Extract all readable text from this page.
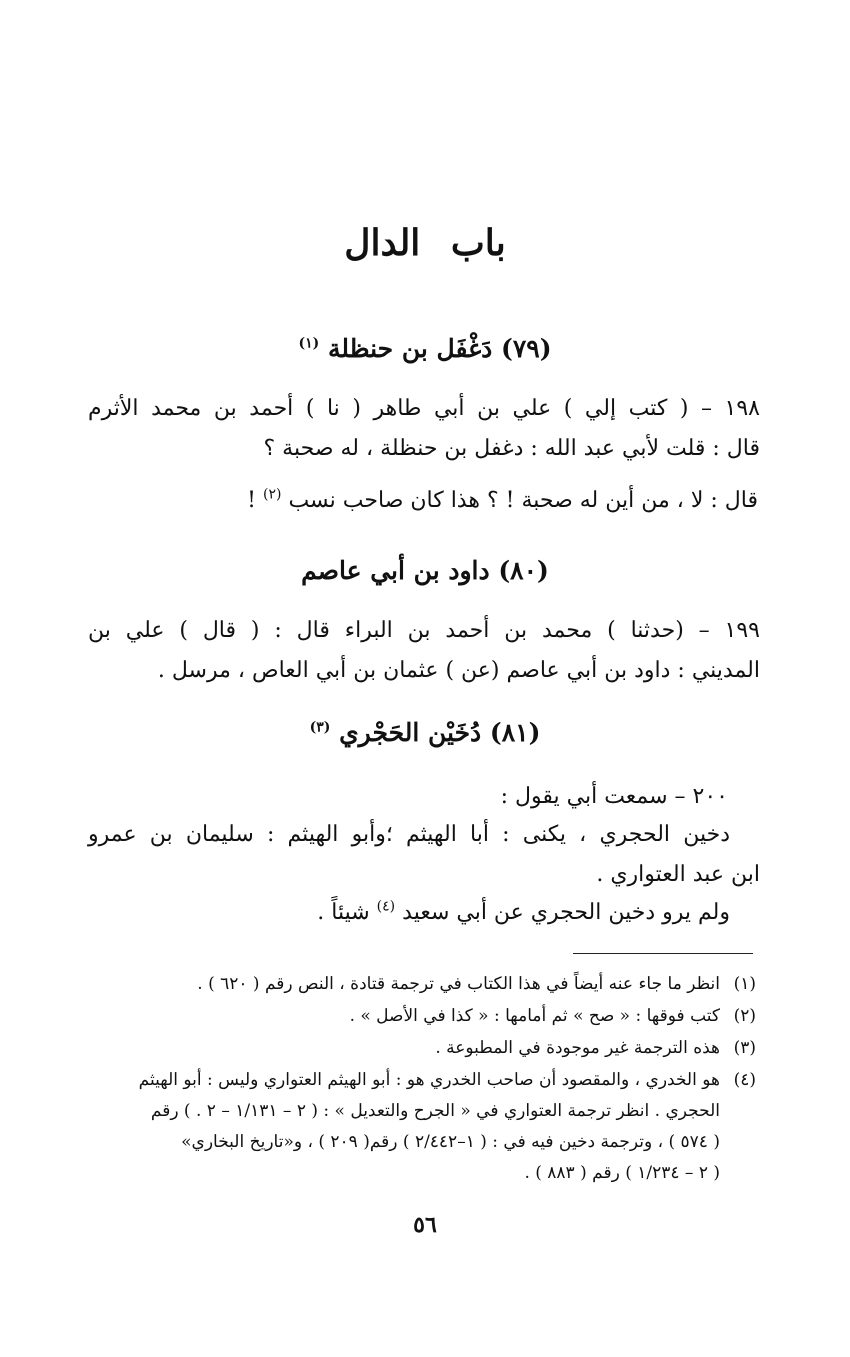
باب الدال
(٧٩) دَغْفَل بن حنظلة $^{(١)}$
١٩٨ – ( كتب إلي ) علي بن أبي طاهر ( نا ) أحمد بن محمد الأثرم
قال : قلت لأبي عبد الله : دغفل بن حنظلة ، له صحبة ؟
قال : لا ، من أين له صحبة ! ؟ هذا كان صاحب نسب $^{(٢)}$ !
(٨٠) داود بن أبي عاصم
١٩٩ – (حدثنا ) محمد بن أحمد بن البراء قال : ( قال ) علي بن
المديني : داود بن أبي عاصم (عن ) عثمان بن أبي العاص ، مرسل .
(٨١) دُخَيْن الحَجْري $^{(٣)}$
٢٠٠ – سمعت أبي يقول :
دخين الحجري ، يكنى : أبا الهيثم ؛وأبو الهيثم : سليمان بن عمرو
ابن عبد العتواري .
ولم يرو دخين الحجري عن أبي سعيد $^{(٤)}$ شيئاً .
(١)انظر ما جاء عنه أيضاً في هذا الكتاب في ترجمة قتادة ، النص رقم ( ٦٢٠ ) .
(٢)كتب فوقها : « صح » ثم أمامها : « كذا في الأصل » .
(٣)هذه الترجمة غير موجودة في المطبوعة .
(٤)هو الخدري ، والمقصود أن صاحب الخدري هو : أبو الهيثم العتواري وليس : أبو الهيثم
الحجري . انظر ترجمة العتواري في « الجرح والتعديل » : ( ٢ – ١/١٣١ – ٢ . ) رقم
( ٥٧٤ ) ، وترجمة دخين فيه في : ( ١–٢/٤٤٢ ) رقم( ٢٠٩ ) ، و«تاريخ البخاري»
( ٢ – ١/٢٣٤ ) رقم ( ٨٨٣ ) .
٥٦
